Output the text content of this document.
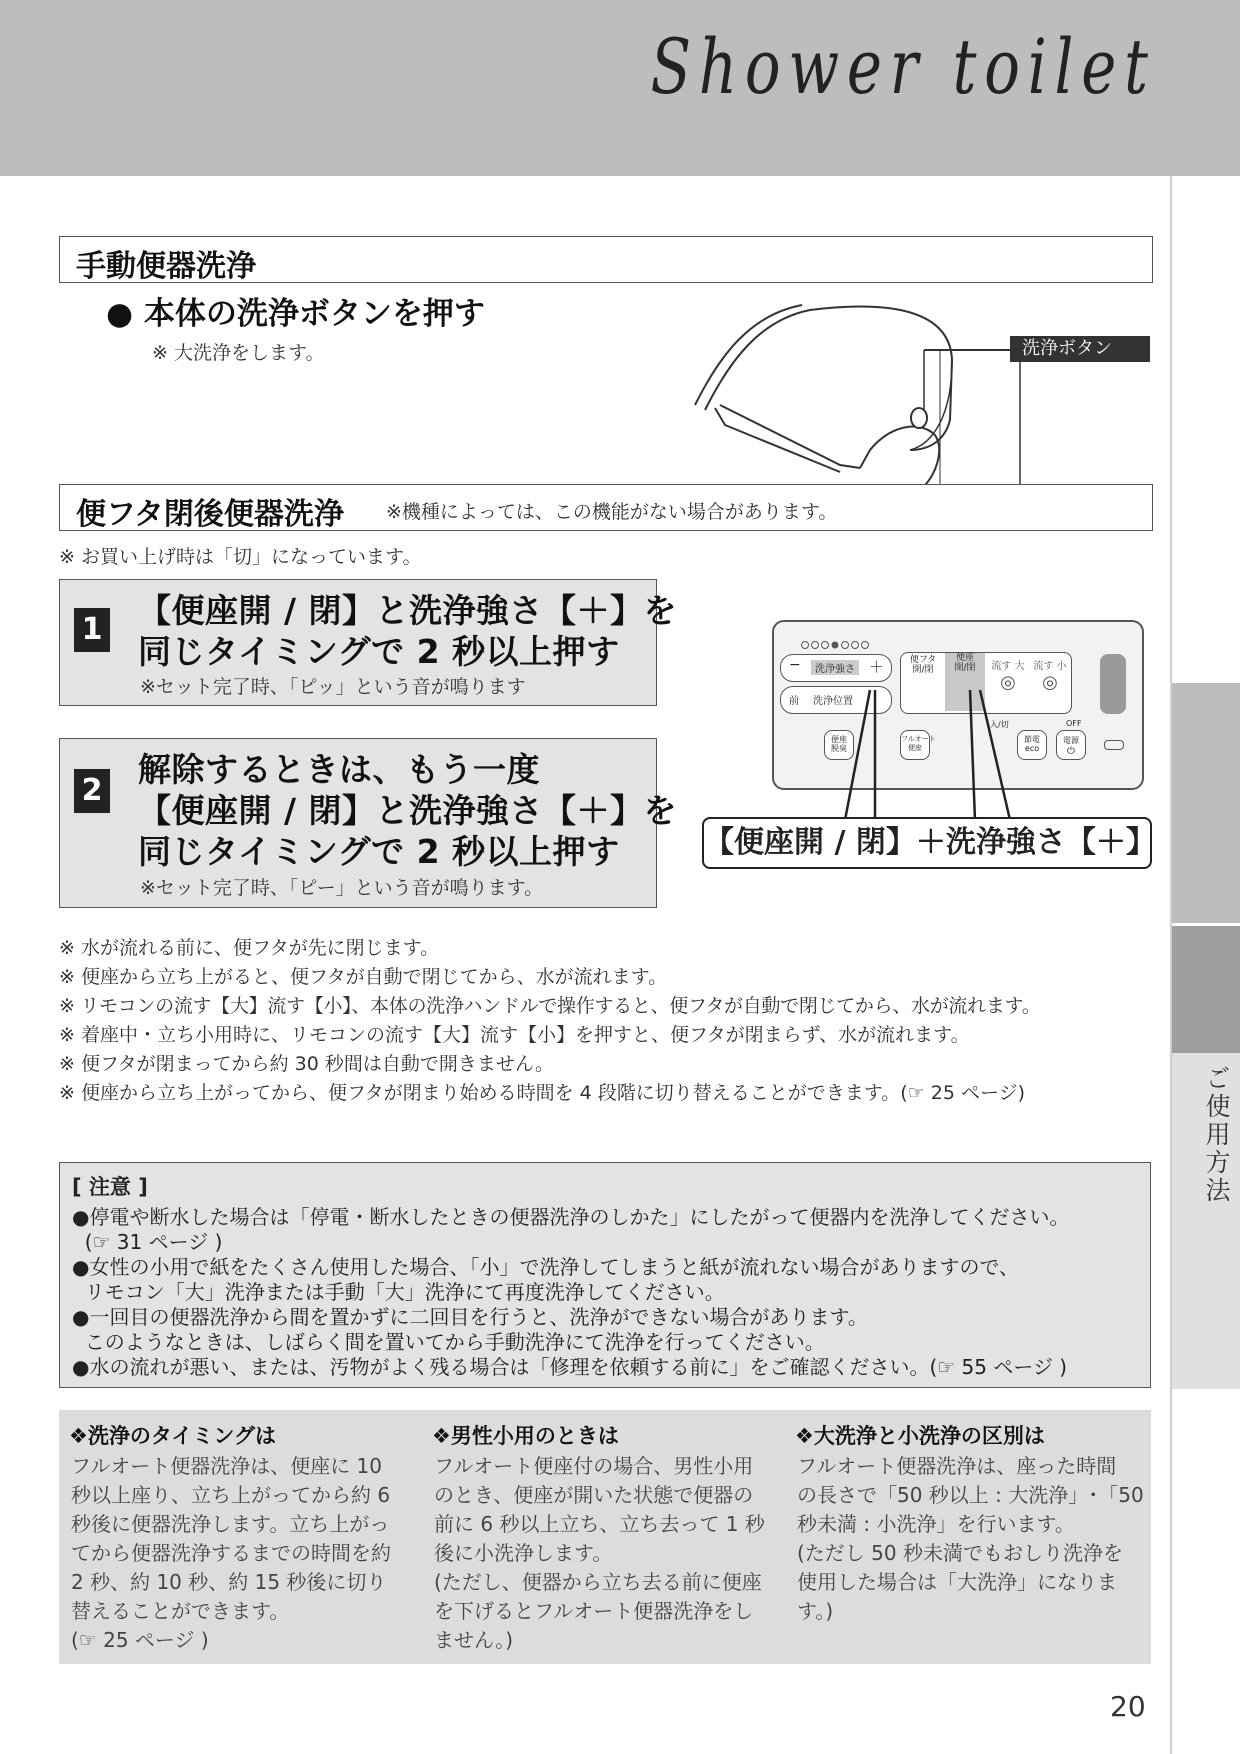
Shower toilet
ご使用方法
手動便器洗浄
● 本体の洗浄ボタンを押す
※ 大洗浄をします。	洗浄ボタン
便フタ閉後便器洗浄 ※機種によっては、この機能がない場合があります。
※ お買い上げ時は「切」になっています。
1 【便座開 / 閉】と洗浄強さ【＋】を
同じタイミングで 2 秒以上押す
※セット完了時、「ピッ」という音が鳴ります
2
解除するときは、もう一度
【便座開 / 閉】と洗浄強さ【＋】を
同じタイミングで 2 秒以上押す
※セット完了時、「ピー」という音が鳴ります。
−	洗浄強さ ＋
前 洗浄位置
便フタ
開/閉
便座
開/閉	流す 大
◎
流す 小
◎
便座
脱臭
フルオート
便座
入/切	OFF
節電
eco
電源
⏻
【便座開 / 閉】＋洗浄強さ【＋】
※ 水が流れる前に、便フタが先に閉じます。
※ 便座から立ち上がると、便フタが自動で閉じてから、水が流れます。
※ リモコンの流す【大】流す【小】、本体の洗浄ハンドルで操作すると、便フタが自動で閉じてから、水が流れます。
※ 着座中・立ち小用時に、リモコンの流す【大】流す【小】を押すと、便フタが閉まらず、水が流れます。
※ 便フタが閉まってから約 30 秒間は自動で開きません。
※ 便座から立ち上がってから、便フタが閉まり始める時間を 4 段階に切り替えることができます。(☞ 25 ページ)
[ 注意 ]
●停電や断水した場合は「停電・断水したときの便器洗浄のしかた」にしたがって便器内を洗浄してください。
(☞ 31 ページ )
●女性の小用で紙をたくさん使用した場合、「小」で洗浄してしまうと紙が流れない場合がありますので、
リモコン「大」洗浄または手動「大」洗浄にて再度洗浄してください。
●一回目の便器洗浄から間を置かずに二回目を行うと、洗浄ができない場合があります。
このようなときは、しばらく間を置いてから手動洗浄にて洗浄を行ってください。
●水の流れが悪い、または、汚物がよく残る場合は「修理を依頼する前に」をご確認ください。(☞ 55 ページ )
❖洗浄のタイミングは
フルオート便器洗浄は、便座に 10
秒以上座り、立ち上がってから約 6
秒後に便器洗浄します。立ち上がっ
てから便器洗浄するまでの時間を約
2 秒、約 10 秒、約 15 秒後に切り
替えることができます。
(☞ 25 ページ )
❖男性小用のときは
フルオート便座付の場合、男性小用
のとき、便座が開いた状態で便器の
前に 6 秒以上立ち、立ち去って 1 秒
後に小洗浄します。
(ただし、便器から立ち去る前に便座
を下げるとフルオート便器洗浄をし
ません。)
❖大洗浄と小洗浄の区別は
フルオート便器洗浄は、座った時間
の長さで「50 秒以上 : 大洗浄」･「50
秒未満 : 小洗浄」を行います。
(ただし 50 秒未満でもおしり洗浄を
使用した場合は「大洗浄」になりま
す。)
20
